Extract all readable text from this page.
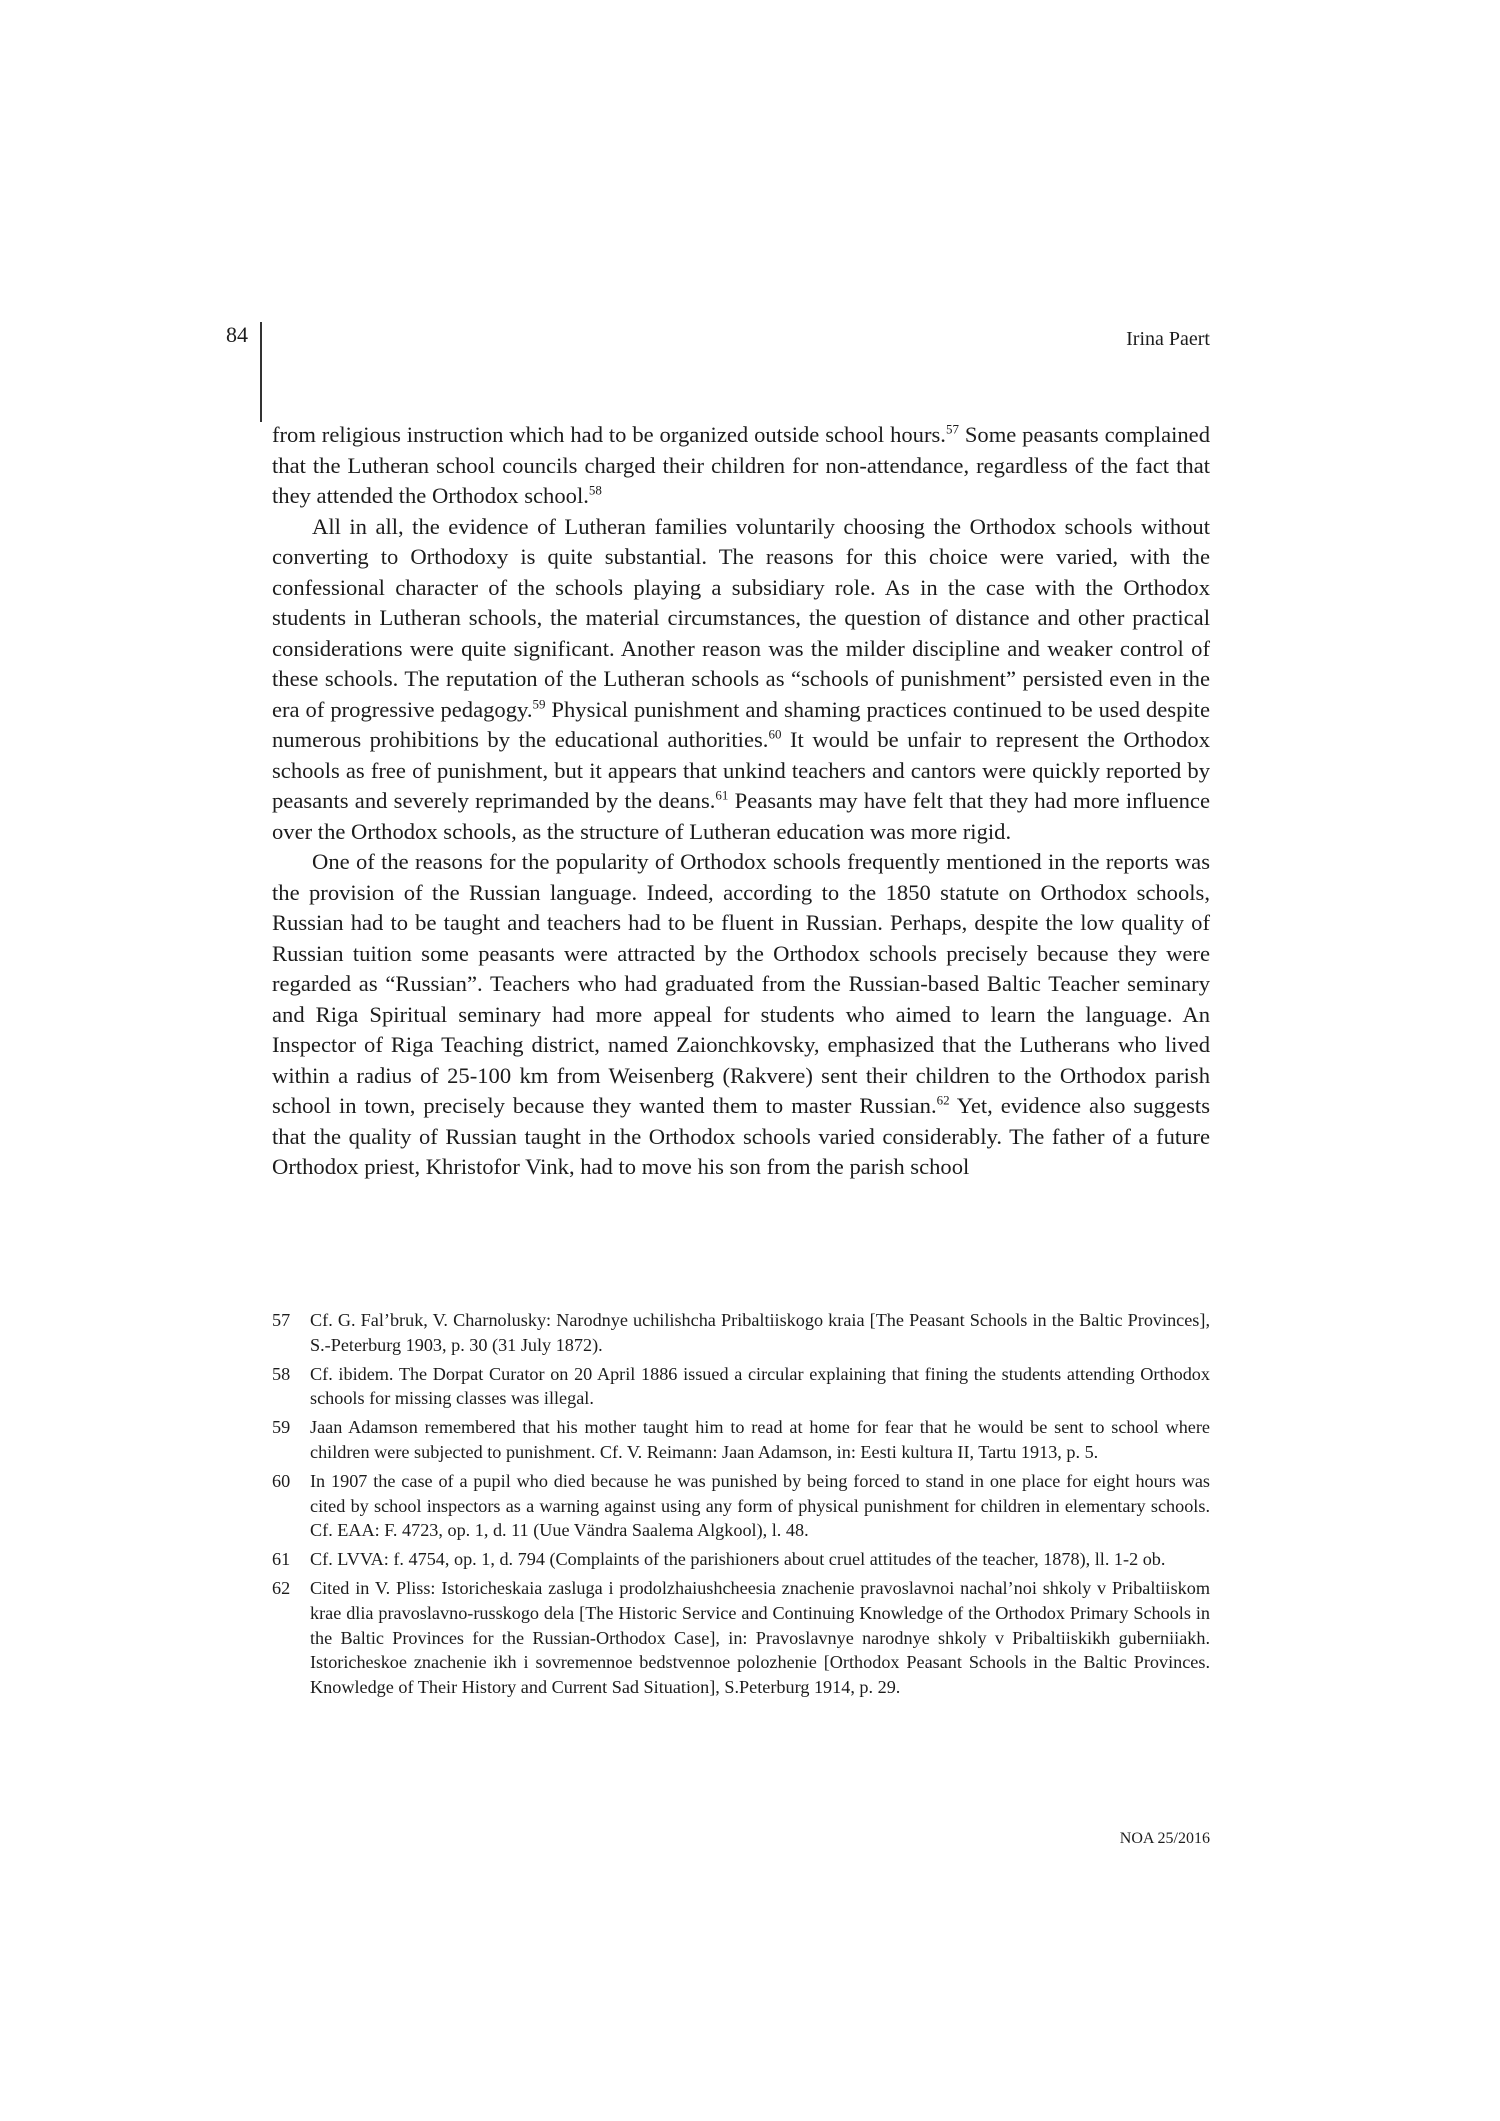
84	Irina Paert

from religious instruction which had to be organized outside school hours.$^{57}$ Some peasants complained that the Lutheran school councils charged their children for non-attendance, regardless of the fact that they attended the Orthodox school.$^{58}$

All in all, the evidence of Lutheran families voluntarily choosing the Orthodox schools without converting to Orthodoxy is quite substantial. The reasons for this choice were varied, with the confessional character of the schools playing a subsidiary role. As in the case with the Orthodox students in Lutheran schools, the material circumstances, the question of distance and other practical considerations were quite significant. Another reason was the milder discipline and weaker control of these schools. The reputation of the Lutheran schools as “schools of punishment” persisted even in the era of progressive pedagogy.$^{59}$ Physical punishment and shaming practices continued to be used despite numerous prohibitions by the educational authorities.$^{60}$ It would be unfair to represent the Orthodox schools as free of punishment, but it appears that unkind teachers and cantors were quickly reported by peasants and severely reprimanded by the deans.$^{61}$ Peasants may have felt that they had more influence over the Orthodox schools, as the structure of Lutheran education was more rigid.

One of the reasons for the popularity of Orthodox schools frequently mentioned in the reports was the provision of the Russian language. Indeed, according to the 1850 statute on Orthodox schools, Russian had to be taught and teachers had to be fluent in Russian. Perhaps, despite the low quality of Russian tuition some peasants were attracted by the Orthodox schools precisely because they were regarded as “Russian”. Teachers who had graduated from the Russian-based Baltic Teacher seminary and Riga Spiritual seminary had more appeal for students who aimed to learn the language. An Inspector of Riga Teaching district, named Zaionchkovsky, emphasized that the Lutherans who lived within a radius of 25-100 km from Weisenberg (Rakvere) sent their children to the Orthodox parish school in town, precisely because they wanted them to master Russian.$^{62}$ Yet, evidence also suggests that the quality of Russian taught in the Orthodox schools varied considerably. The father of a future Orthodox priest, Khristofor Vink, had to move his son from the parish school

57	Cf. G. Fal’bruk, V. Charnolusky: Narodnye uchilishcha Pribaltiiskogo kraia [The Peasant Schools in the Baltic Provinces], S.-Peterburg 1903, p. 30 (31 July 1872).
58	Cf. ibidem. The Dorpat Curator on 20 April 1886 issued a circular explaining that fining the students attending Orthodox schools for missing classes was illegal.
59	Jaan Adamson remembered that his mother taught him to read at home for fear that he would be sent to school where children were subjected to punishment. Cf. V. Reimann: Jaan Adamson, in: Eesti kultura II, Tartu 1913, p. 5.
60	In 1907 the case of a pupil who died because he was punished by being forced to stand in one place for eight hours was cited by school inspectors as a warning against using any form of physical punishment for children in elementary schools. Cf. EAA: F. 4723, op. 1, d. 11 (Uue Vändra Saalema Algkool), l. 48.
61	Cf. LVVA: f. 4754, op. 1, d. 794 (Complaints of the parishioners about cruel attitudes of the teacher, 1878), ll. 1-2 ob.
62	Cited in V. Pliss: Istoricheskaia zasluga i prodolzhaiushcheesia znachenie pravoslavnoi nachal’noi shkoly v Pribaltiiskom krae dlia pravoslavno-russkogo dela [The Historic Service and Continuing Knowledge of the Orthodox Primary Schools in the Baltic Provinces for the Russian-Orthodox Case], in: Pravoslavnye narodnye shkoly v Pribaltiiskikh guberniiakh. Istoricheskoe znachenie ikh i sovremennoe bedstvennoe polozhenie [Orthodox Peasant Schools in the Baltic Provinces. Knowledge of Their History and Current Sad Situation], S.Peterburg 1914, p. 29.
NOA 25/2016
